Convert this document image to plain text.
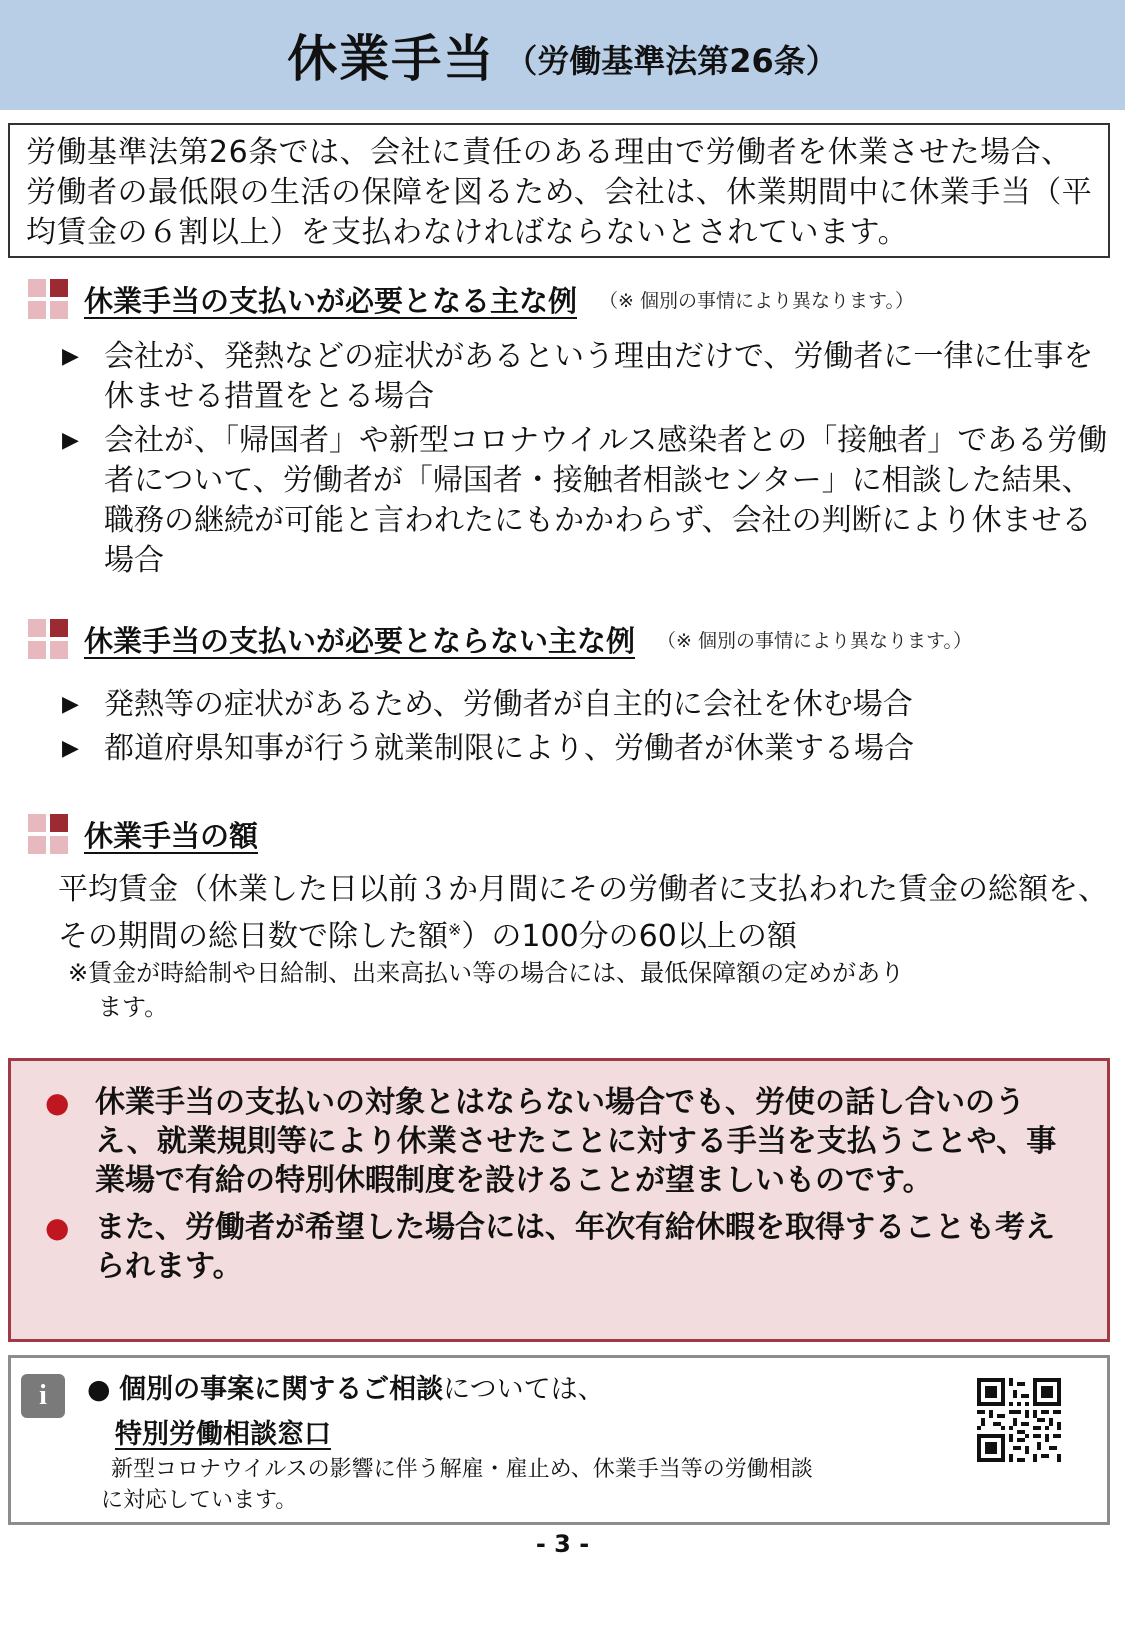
休業手当 （労働基準法第26条）
労働基準法第26条では、会社に責任のある理由で労働者を休業させた場合、労働者の最低限の生活の保障を図るため、会社は、休業期間中に休業手当（平均賃金の６割以上）を支払わなければならないとされています。
休業手当の支払いが必要となる主な例 （※ 個別の事情により異なります。）
▶ 会社が、発熱などの症状があるという理由だけで、労働者に一律に仕事を休ませる措置をとる場合
▶ 会社が、「帰国者」や新型コロナウイルス感染者との「接触者」である労働者について、労働者が「帰国者・接触者相談センター」に相談した結果、職務の継続が可能と言われたにもかかわらず、会社の判断により休ませる場合
休業手当の支払いが必要とならない主な例 （※ 個別の事情により異なります。）
▶ 発熱等の症状があるため、労働者が自主的に会社を休む場合
▶ 都道府県知事が行う就業制限により、労働者が休業する場合
休業手当の額
平均賃金（休業した日以前３か月間にその労働者に支払われた賃金の総額を、その期間の総日数で除した額※）の100分の60以上の額
※賃金が時給制や日給制、出来高払い等の場合には、最低保障額の定めがあり
ます。
● 休業手当の支払いの対象とはならない場合でも、労使の話し合いのうえ、就業規則等により休業させたことに対する手当を支払うことや、事業場で有給の特別休暇制度を設けることが望ましいものです。
● また、労働者が希望した場合には、年次有給休暇を取得することも考えられます。
i	● 個別の事案に関するご相談については、
特別労働相談窓口
新型コロナウイルスの影響に伴う解雇・雇止め、休業手当等の労働相談
に対応しています。
- 3 -
